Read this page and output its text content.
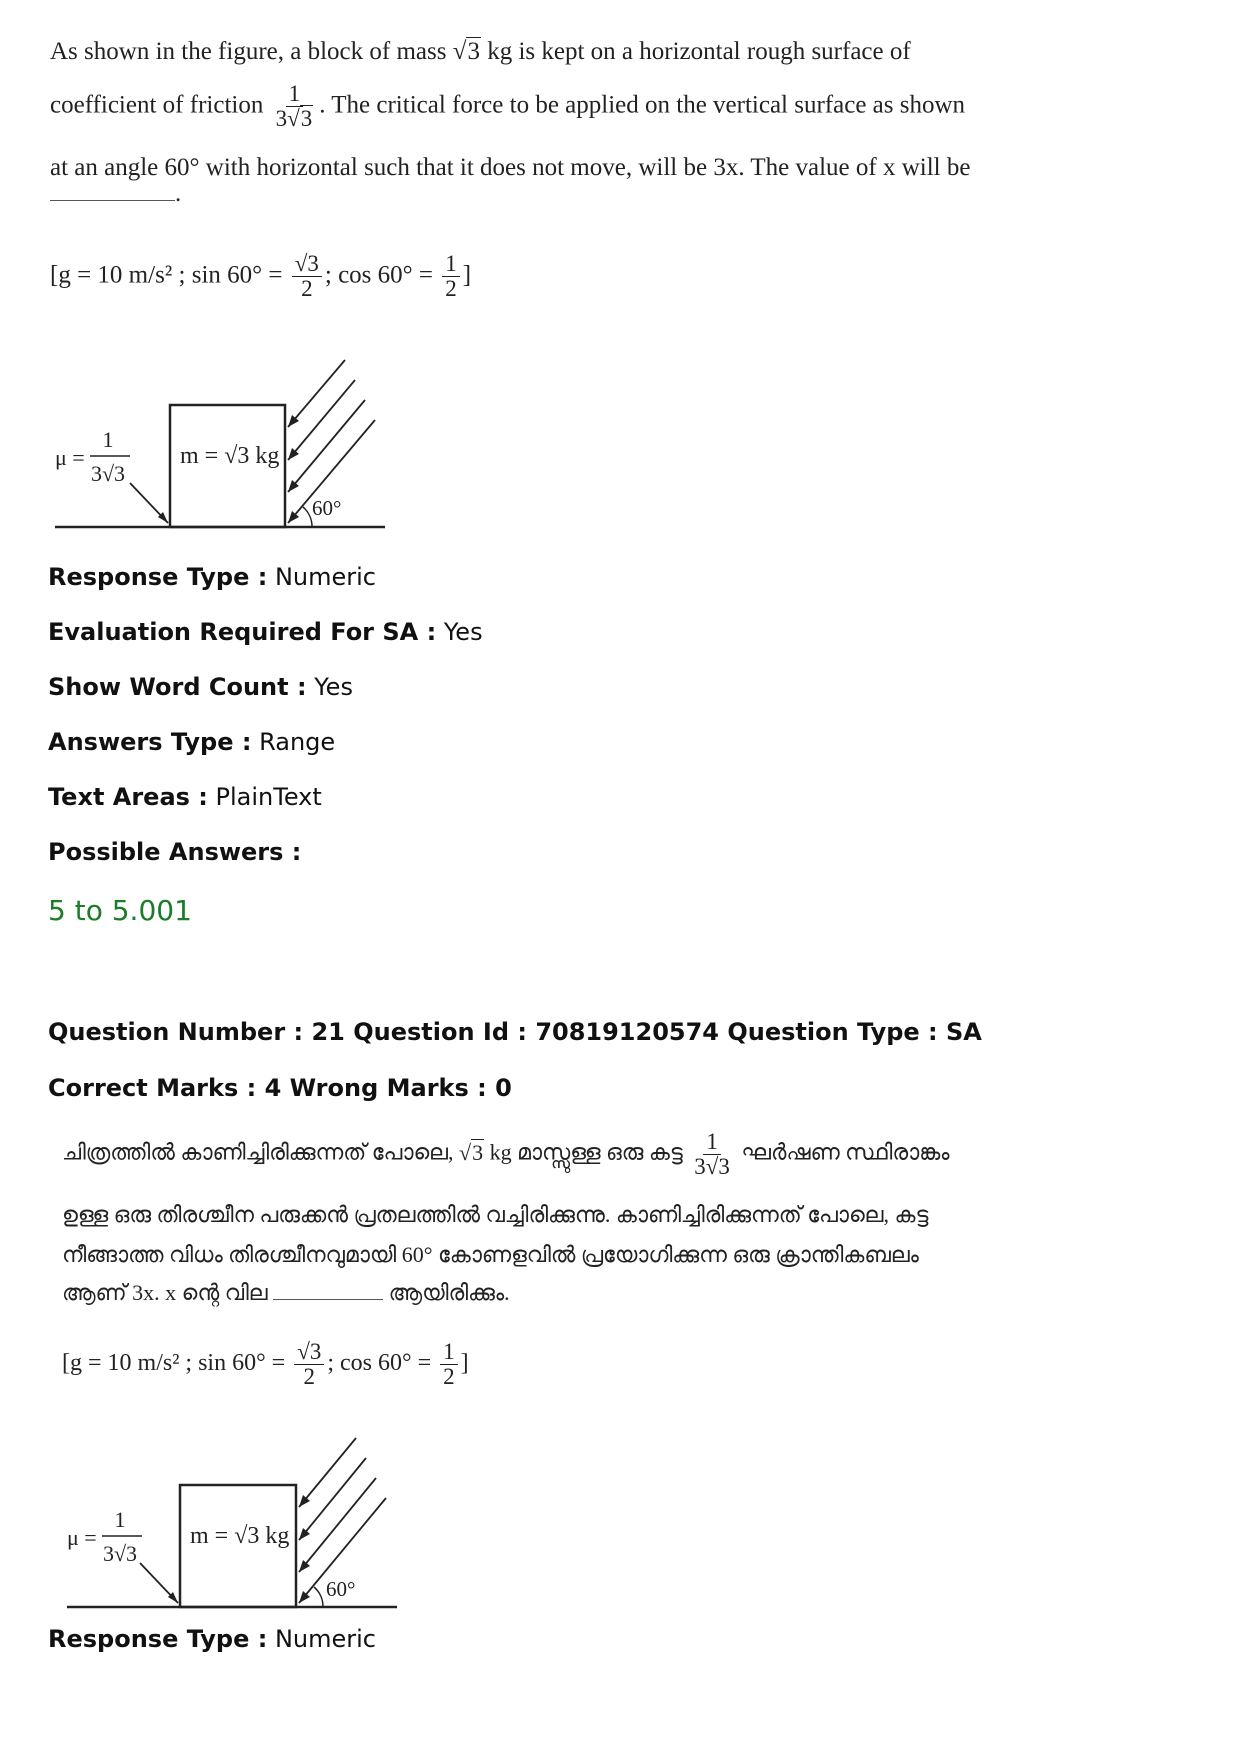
As shown in the figure, a block of mass √3 kg is kept on a horizontal rough surface of
coefficient of friction $\frac{1}{3√3}$ . The critical force to be applied on the vertical surface as shown
at an angle 60° with horizontal such that it does not move, will be 3x. The value of x will be
.
[g = 10 m/s² ; $\sin 60^\circ = \frac{√3}{2}$ ; $\cos 60^\circ = \frac{1}{2}$ ]
μ =
1
3√3
m = √3 kg
60°
Response Type : Numeric
Evaluation Required For SA : Yes
Show Word Count : Yes
Answers Type : Range
Text Areas : PlainText
Possible Answers :
5 to 5.001
Question Number : 21 Question Id : 70819120574 Question Type : SA
Correct Marks : 4 Wrong Marks : 0
ചിത്രത്തിൽ കാണിച്ചിരിക്കുന്നത് പോലെ, √3 kg മാസ്സുള്ള ഒരു കട്ട $\frac{1}{3√3}$ ഘർഷണ സ്ഥിരാങ്കം
ഉള്ള ഒരു തിരശ്ചീന പരുക്കൻ പ്രതലത്തിൽ വച്ചിരിക്കുന്നു. കാണിച്ചിരിക്കുന്നത് പോലെ, കട്ട
നീങ്ങാത്ത വിധം തിരശ്ചീനവുമായി 60° കോണളവിൽ പ്രയോഗിക്കുന്ന ഒരു ക്രാന്തികബലം
ആണ് 3x. x ന്റെ വില	ആയിരിക്കും.
[g = 10 m/s² ; $\sin 60^\circ = \frac{√3}{2}$ ; $\cos 60^\circ = \frac{1}{2}$ ]
μ =
1
3√3
m = √3 kg
60°
Response Type : Numeric
